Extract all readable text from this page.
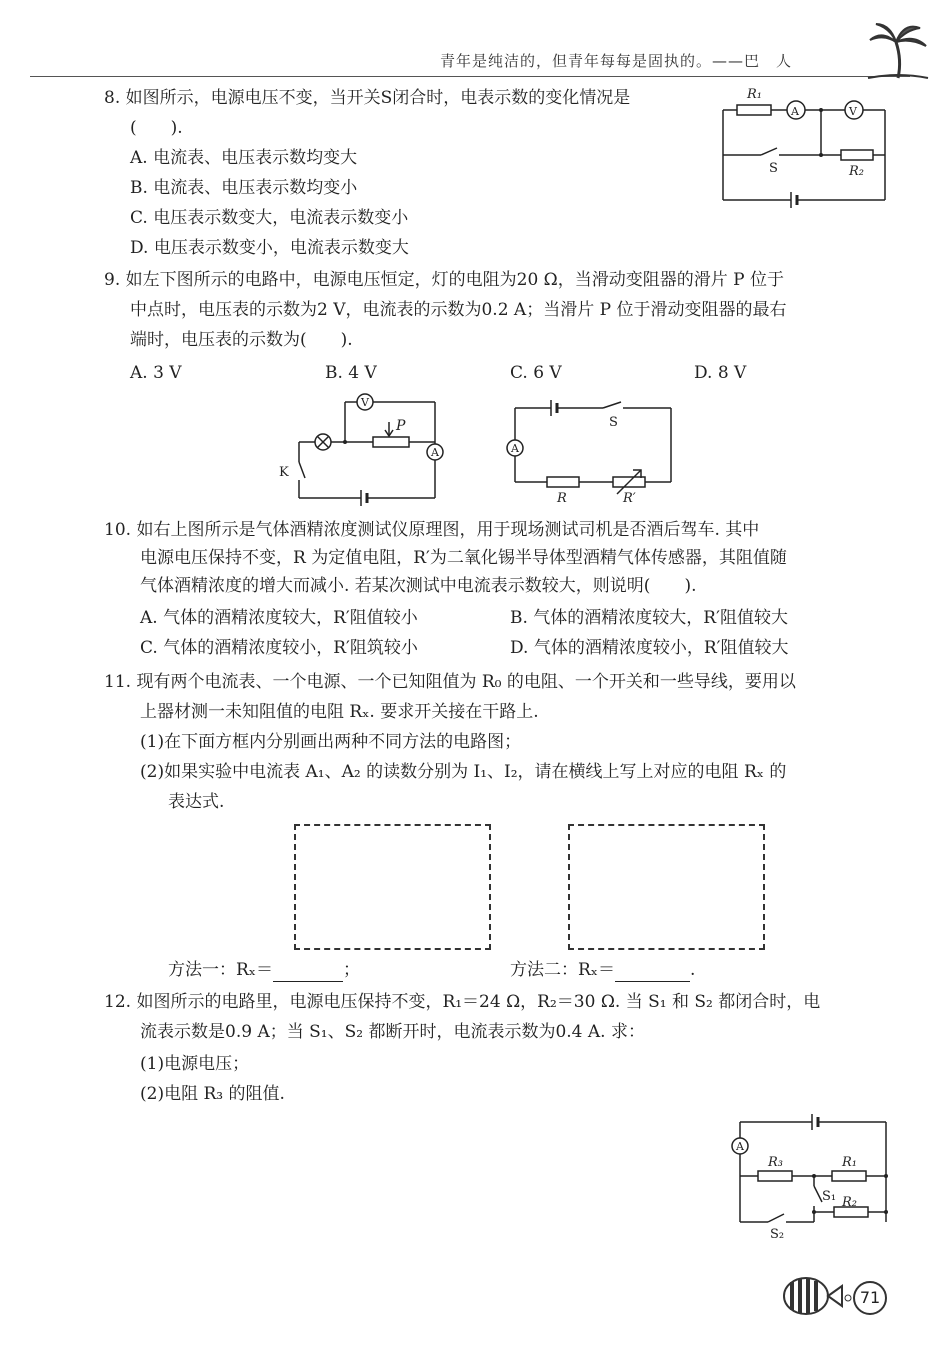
青年是纯洁的，但青年每每是固执的。——巴　人
8. 如图所示，电源电压不变，当开关S闭合时，电表示数的变化情况是
(　　).
A. 电流表、电压表示数均变大
B. 电流表、电压表示数均变小
C. 电压表示数变大，电流表示数变小
D. 电压表示数变小，电流表示数变大
R₁
A	V
S	R₂
9. 如左下图所示的电路中，电源电压恒定，灯的电阻为20 Ω，当滑动变阻器的滑片 P 位于
中点时，电压表的示数为2 V，电流表的示数为0.2 A；当滑片 P 位于滑动变阻器的最右
端时，电压表的示数为(　　).
A. 3 V	B. 4 V	C. 6 V	D. 8 V
V
A
P
K
A
S
R	R′
10. 如右上图所示是气体酒精浓度测试仪原理图，用于现场测试司机是否酒后驾车. 其中
电源电压保持不变，R 为定值电阻，R′为二氧化锡半导体型酒精气体传感器，其阻值随
气体酒精浓度的增大而减小. 若某次测试中电流表示数较大，则说明(　　).
A. 气体的酒精浓度较大，R′阻值较小	B. 气体的酒精浓度较大，R′阻值较大
C. 气体的酒精浓度较小，R′阻筑较小	D. 气体的酒精浓度较小，R′阻值较大
11. 现有两个电流表、一个电源、一个已知阻值为 R₀ 的电阻、一个开关和一些导线，要用以
上器材测一未知阻值的电阻 Rₓ. 要求开关接在干路上.
(1)在下面方框内分别画出两种不同方法的电路图；
(2)如果实验中电流表 A₁、A₂ 的读数分别为 I₁、I₂，请在横线上写上对应的电阻 Rₓ 的
表达式.
方法一：Rₓ＝	；	方法二：Rₓ＝	.
12. 如图所示的电路里，电源电压保持不变，R₁＝24 Ω，R₂＝30 Ω. 当 S₁ 和 S₂ 都闭合时，电
流表示数是0.9 A；当 S₁、S₂ 都断开时，电流表示数为0.4 A. 求：
(1)电源电压；
(2)电阻 R₃ 的阻值.
A
R₃	R₁
S₁ R₂
S₂
71
